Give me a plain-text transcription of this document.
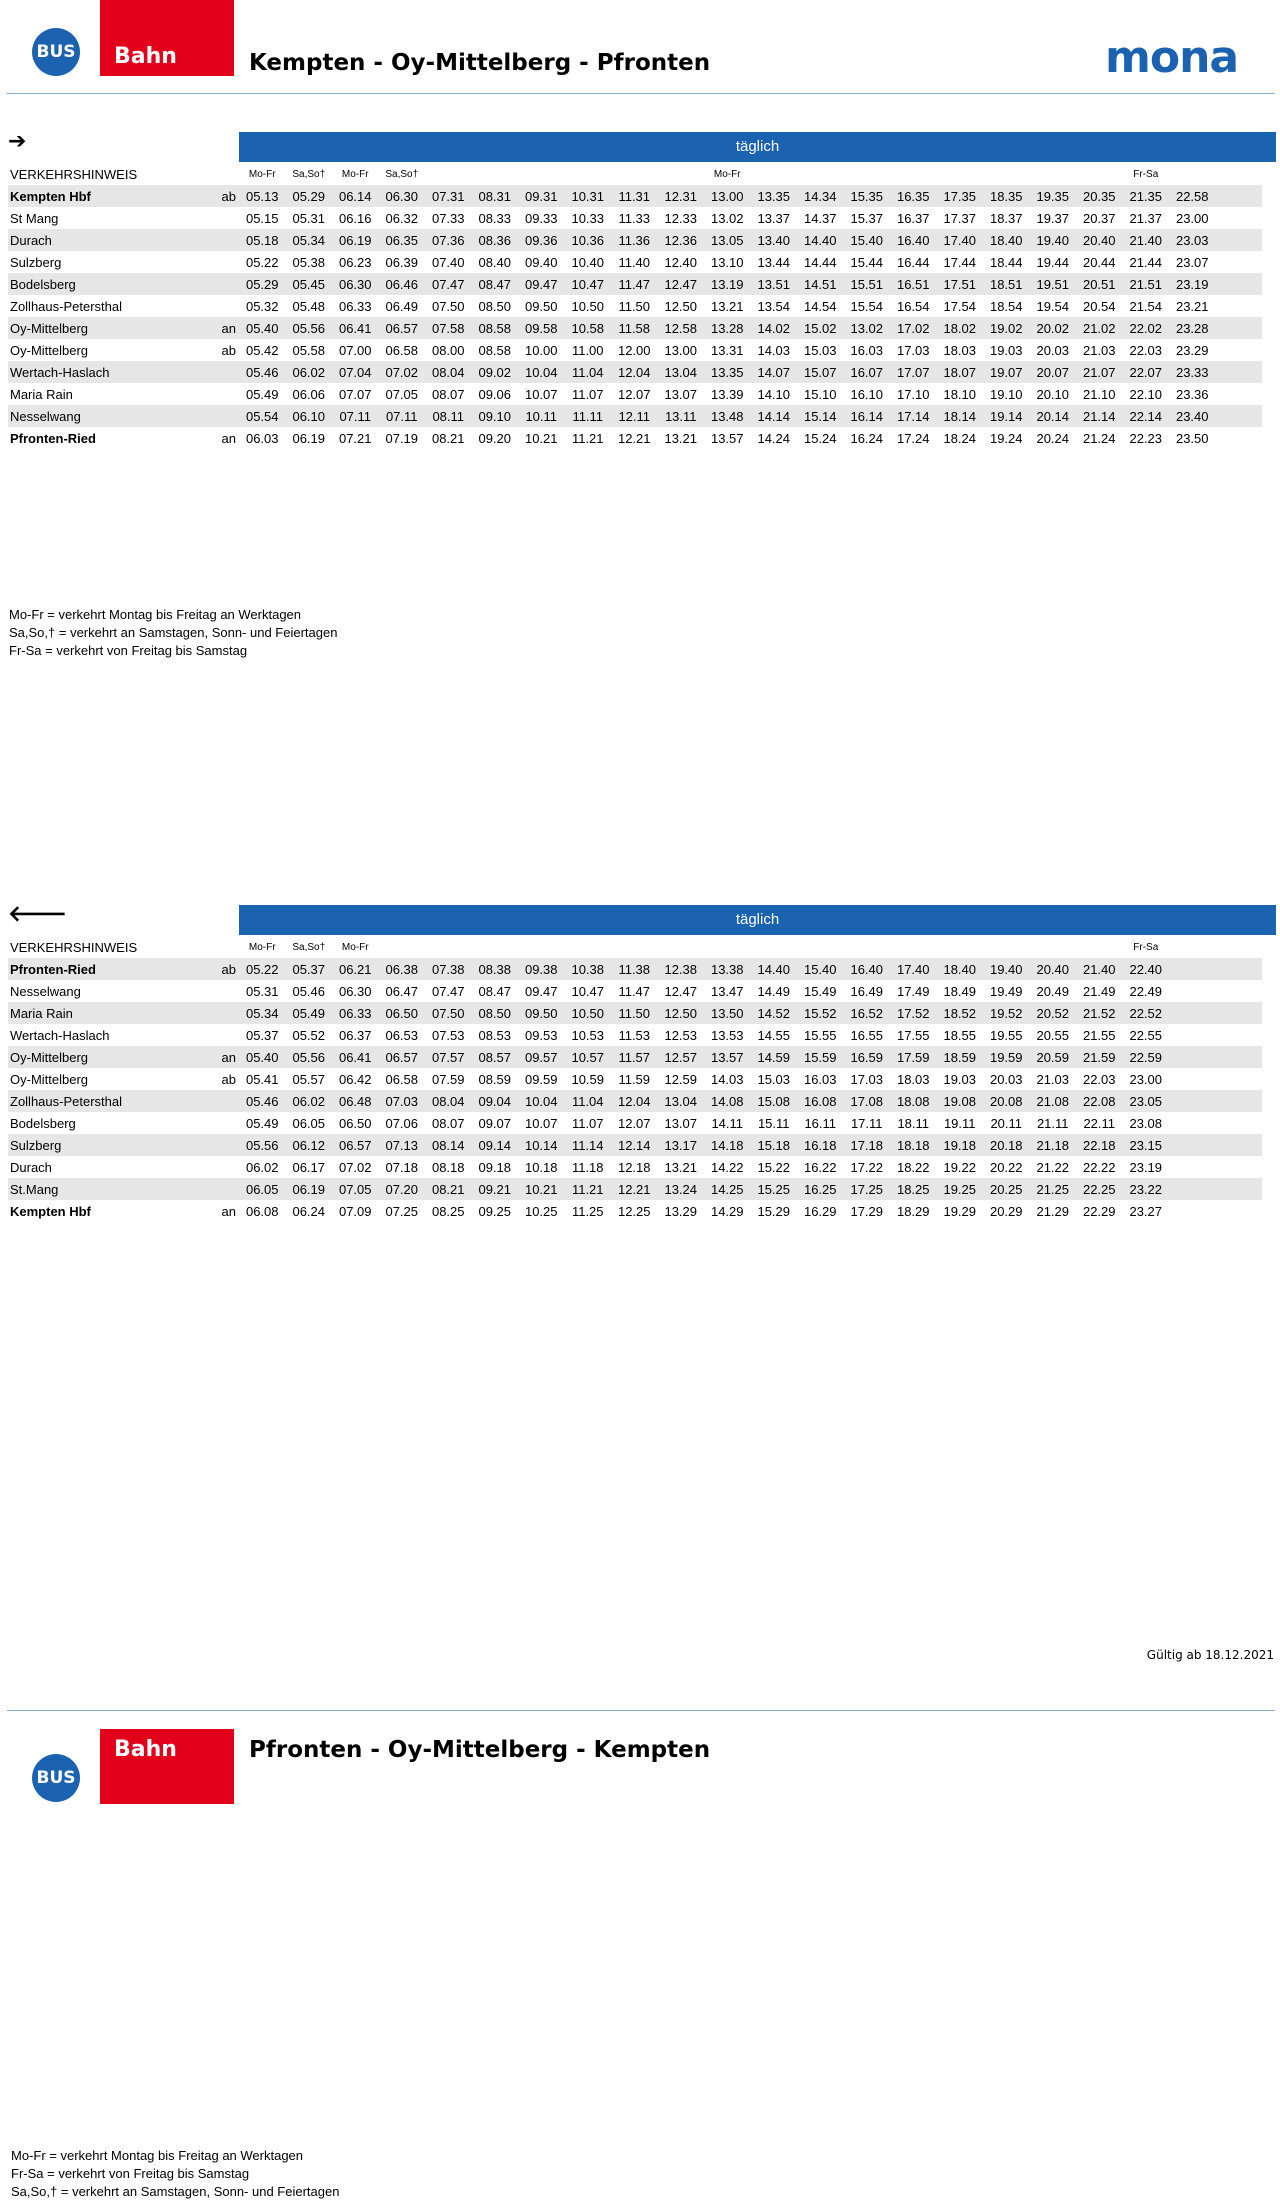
Bahn
BUS	Kempten - Oy-Mittelberg - Pfronten	mona
➔	täglich
VERKEHRSHINWEIS		Mo-Fr	Sa,So†	Mo-Fr	Sa,So†							Mo-Fr									Fr-Sa		
Kempten Hbf	ab	05.13	05.29	06.14	06.30	07.31	08.31	09.31	10.31	11.31	12.31	13.00	13.35	14.34	15.35	16.35	17.35	18.35	19.35	20.35	21.35	22.58	
St Mang		05.15	05.31	06.16	06.32	07.33	08.33	09.33	10.33	11.33	12.33	13.02	13.37	14.37	15.37	16.37	17.37	18.37	19.37	20.37	21.37	23.00	
Durach		05.18	05.34	06.19	06.35	07.36	08.36	09.36	10.36	11.36	12.36	13.05	13.40	14.40	15.40	16.40	17.40	18.40	19.40	20.40	21.40	23.03	
Sulzberg		05.22	05.38	06.23	06.39	07.40	08.40	09.40	10.40	11.40	12.40	13.10	13.44	14.44	15.44	16.44	17.44	18.44	19.44	20.44	21.44	23.07	
Bodelsberg		05.29	05.45	06.30	06.46	07.47	08.47	09.47	10.47	11.47	12.47	13.19	13.51	14.51	15.51	16.51	17.51	18.51	19.51	20.51	21.51	23.19	
Zollhaus-Petersthal		05.32	05.48	06.33	06.49	07.50	08.50	09.50	10.50	11.50	12.50	13.21	13.54	14.54	15.54	16.54	17.54	18.54	19.54	20.54	21.54	23.21	
Oy-Mittelberg	an	05.40	05.56	06.41	06.57	07.58	08.58	09.58	10.58	11.58	12.58	13.28	14.02	15.02	13.02	17.02	18.02	19.02	20.02	21.02	22.02	23.28	
Oy-Mittelberg	ab	05.42	05.58	07.00	06.58	08.00	08.58	10.00	11.00	12.00	13.00	13.31	14.03	15.03	16.03	17.03	18.03	19.03	20.03	21.03	22.03	23.29	
Wertach-Haslach		05.46	06.02	07.04	07.02	08.04	09.02	10.04	11.04	12.04	13.04	13.35	14.07	15.07	16.07	17.07	18.07	19.07	20.07	21.07	22.07	23.33	
Maria Rain		05.49	06.06	07.07	07.05	08.07	09.06	10.07	11.07	12.07	13.07	13.39	14.10	15.10	16.10	17.10	18.10	19.10	20.10	21.10	22.10	23.36	
Nesselwang		05.54	06.10	07.11	07.11	08.11	09.10	10.11	11.11	12.11	13.11	13.48	14.14	15.14	16.14	17.14	18.14	19.14	20.14	21.14	22.14	23.40	
Pfronten-Ried	an	06.03	06.19	07.21	07.19	08.21	09.20	10.21	11.21	12.21	13.21	13.57	14.24	15.24	16.24	17.24	18.24	19.24	20.24	21.24	22.23	23.50	
Mo-Fr = verkehrt Montag bis Freitag an Werktagen
Sa,So,† = verkehrt an Samstagen, Sonn- und Feiertagen
Fr-Sa = verkehrt von Freitag bis Samstag
🡐	täglich
VERKEHRSHINWEIS		Mo-Fr	Sa,So†	Mo-Fr																	Fr-Sa		
Pfronten-Ried	ab	05.22	05.37	06.21	06.38	07.38	08.38	09.38	10.38	11.38	12.38	13.38	14.40	15.40	16.40	17.40	18.40	19.40	20.40	21.40	22.40		
Nesselwang		05.31	05.46	06.30	06.47	07.47	08.47	09.47	10.47	11.47	12.47	13.47	14.49	15.49	16.49	17.49	18.49	19.49	20.49	21.49	22.49		
Maria Rain		05.34	05.49	06.33	06.50	07.50	08.50	09.50	10.50	11.50	12.50	13.50	14.52	15.52	16.52	17.52	18.52	19.52	20.52	21.52	22.52		
Wertach-Haslach		05.37	05.52	06.37	06.53	07.53	08.53	09.53	10.53	11.53	12.53	13.53	14.55	15.55	16.55	17.55	18.55	19.55	20.55	21.55	22.55		
Oy-Mittelberg	an	05.40	05.56	06.41	06.57	07.57	08.57	09.57	10.57	11.57	12.57	13.57	14.59	15.59	16.59	17.59	18.59	19.59	20.59	21.59	22.59		
Oy-Mittelberg	ab	05.41	05.57	06.42	06.58	07.59	08.59	09.59	10.59	11.59	12.59	14.03	15.03	16.03	17.03	18.03	19.03	20.03	21.03	22.03	23.00		
Zollhaus-Petersthal		05.46	06.02	06.48	07.03	08.04	09.04	10.04	11.04	12.04	13.04	14.08	15.08	16.08	17.08	18.08	19.08	20.08	21.08	22.08	23.05		
Bodelsberg		05.49	06.05	06.50	07.06	08.07	09.07	10.07	11.07	12.07	13.07	14.11	15.11	16.11	17.11	18.11	19.11	20.11	21.11	22.11	23.08		
Sulzberg		05.56	06.12	06.57	07.13	08.14	09.14	10.14	11.14	12.14	13.17	14.18	15.18	16.18	17.18	18.18	19.18	20.18	21.18	22.18	23.15		
Durach		06.02	06.17	07.02	07.18	08.18	09.18	10.18	11.18	12.18	13.21	14.22	15.22	16.22	17.22	18.22	19.22	20.22	21.22	22.22	23.19		
St.Mang		06.05	06.19	07.05	07.20	08.21	09.21	10.21	11.21	12.21	13.24	14.25	15.25	16.25	17.25	18.25	19.25	20.25	21.25	22.25	23.22		
Kempten Hbf	an	06.08	06.24	07.09	07.25	08.25	09.25	10.25	11.25	12.25	13.29	14.29	15.29	16.29	17.29	18.29	19.29	20.29	21.29	22.29	23.27		
Mo-Fr = verkehrt Montag bis Freitag an Werktagen
Fr-Sa = verkehrt von Freitag bis Samstag
Sa,So,† = verkehrt an Samstagen, Sonn- und Feiertagen
Gültig ab 18.12.2021
Bahn
BUS
Pfronten - Oy-Mittelberg - Kempten
